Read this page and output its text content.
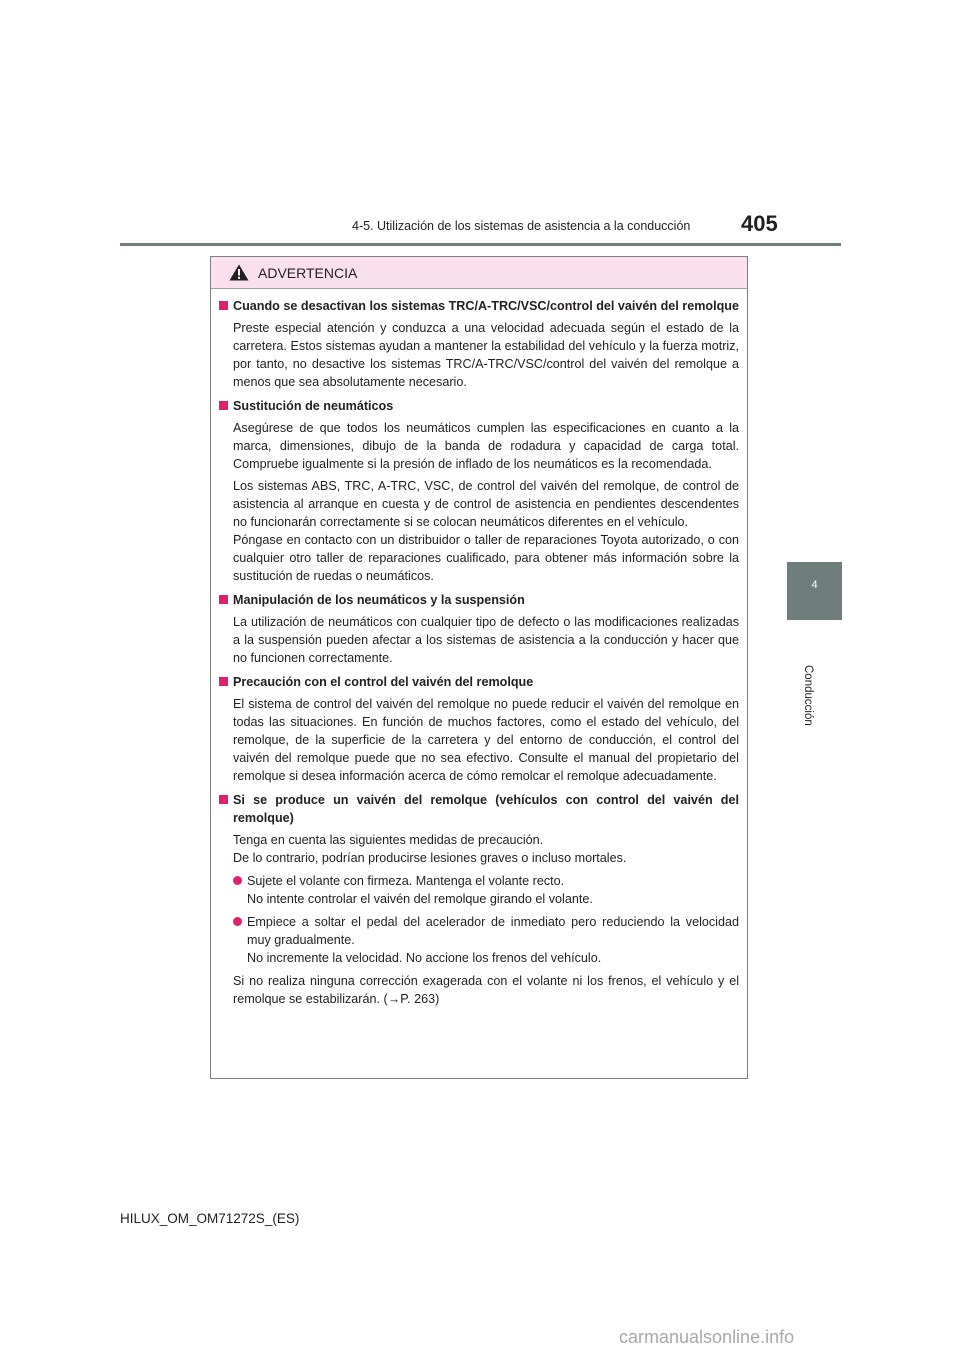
4-5. Utilización de los sistemas de asistencia a la conducción 405
4
Conducción
ADVERTENCIA
Cuando se desactivan los sistemas TRC/A-TRC/VSC/control del vaivén del remolque
Preste especial atención y conduzca a una velocidad adecuada según el estado de la carretera. Estos sistemas ayudan a mantener la estabilidad del vehículo y la fuerza motriz, por tanto, no desactive los sistemas TRC/A-TRC/VSC/control del vaivén del remolque a menos que sea absolutamente necesario.
Sustitución de neumáticos
Asegúrese de que todos los neumáticos cumplen las especificaciones en cuanto a la marca, dimensiones, dibujo de la banda de rodadura y capacidad de carga total. Compruebe igualmente si la presión de inflado de los neumáticos es la recomendada.
Los sistemas ABS, TRC, A-TRC, VSC, de control del vaivén del remolque, de control de asistencia al arranque en cuesta y de control de asistencia en pendientes descendentes no funcionarán correctamente si se colocan neumáticos diferentes en el vehículo.
Póngase en contacto con un distribuidor o taller de reparaciones Toyota autorizado, o con cualquier otro taller de reparaciones cualificado, para obtener más información sobre la sustitución de ruedas o neumáticos.
Manipulación de los neumáticos y la suspensión
La utilización de neumáticos con cualquier tipo de defecto o las modificaciones realizadas a la suspensión pueden afectar a los sistemas de asistencia a la conducción y hacer que no funcionen correctamente.
Precaución con el control del vaivén del remolque
El sistema de control del vaivén del remolque no puede reducir el vaivén del remolque en todas las situaciones. En función de muchos factores, como el estado del vehículo, del remolque, de la superficie de la carretera y del entorno de conducción, el control del vaivén del remolque puede que no sea efectivo. Consulte el manual del propietario del remolque si desea información acerca de cómo remolcar el remolque adecuadamente.
Si se produce un vaivén del remolque (vehículos con control del vaivén del remolque)
Tenga en cuenta las siguientes medidas de precaución.
De lo contrario, podrían producirse lesiones graves o incluso mortales.
Sujete el volante con firmeza. Mantenga el volante recto.
No intente controlar el vaivén del remolque girando el volante.
Empiece a soltar el pedal del acelerador de inmediato pero reduciendo la velocidad muy gradualmente.
No incremente la velocidad. No accione los frenos del vehículo.
Si no realiza ninguna corrección exagerada con el volante ni los frenos, el vehículo y el remolque se estabilizarán. (→P. 263)
HILUX_OM_OM71272S_(ES)
carmanualsonline.info
